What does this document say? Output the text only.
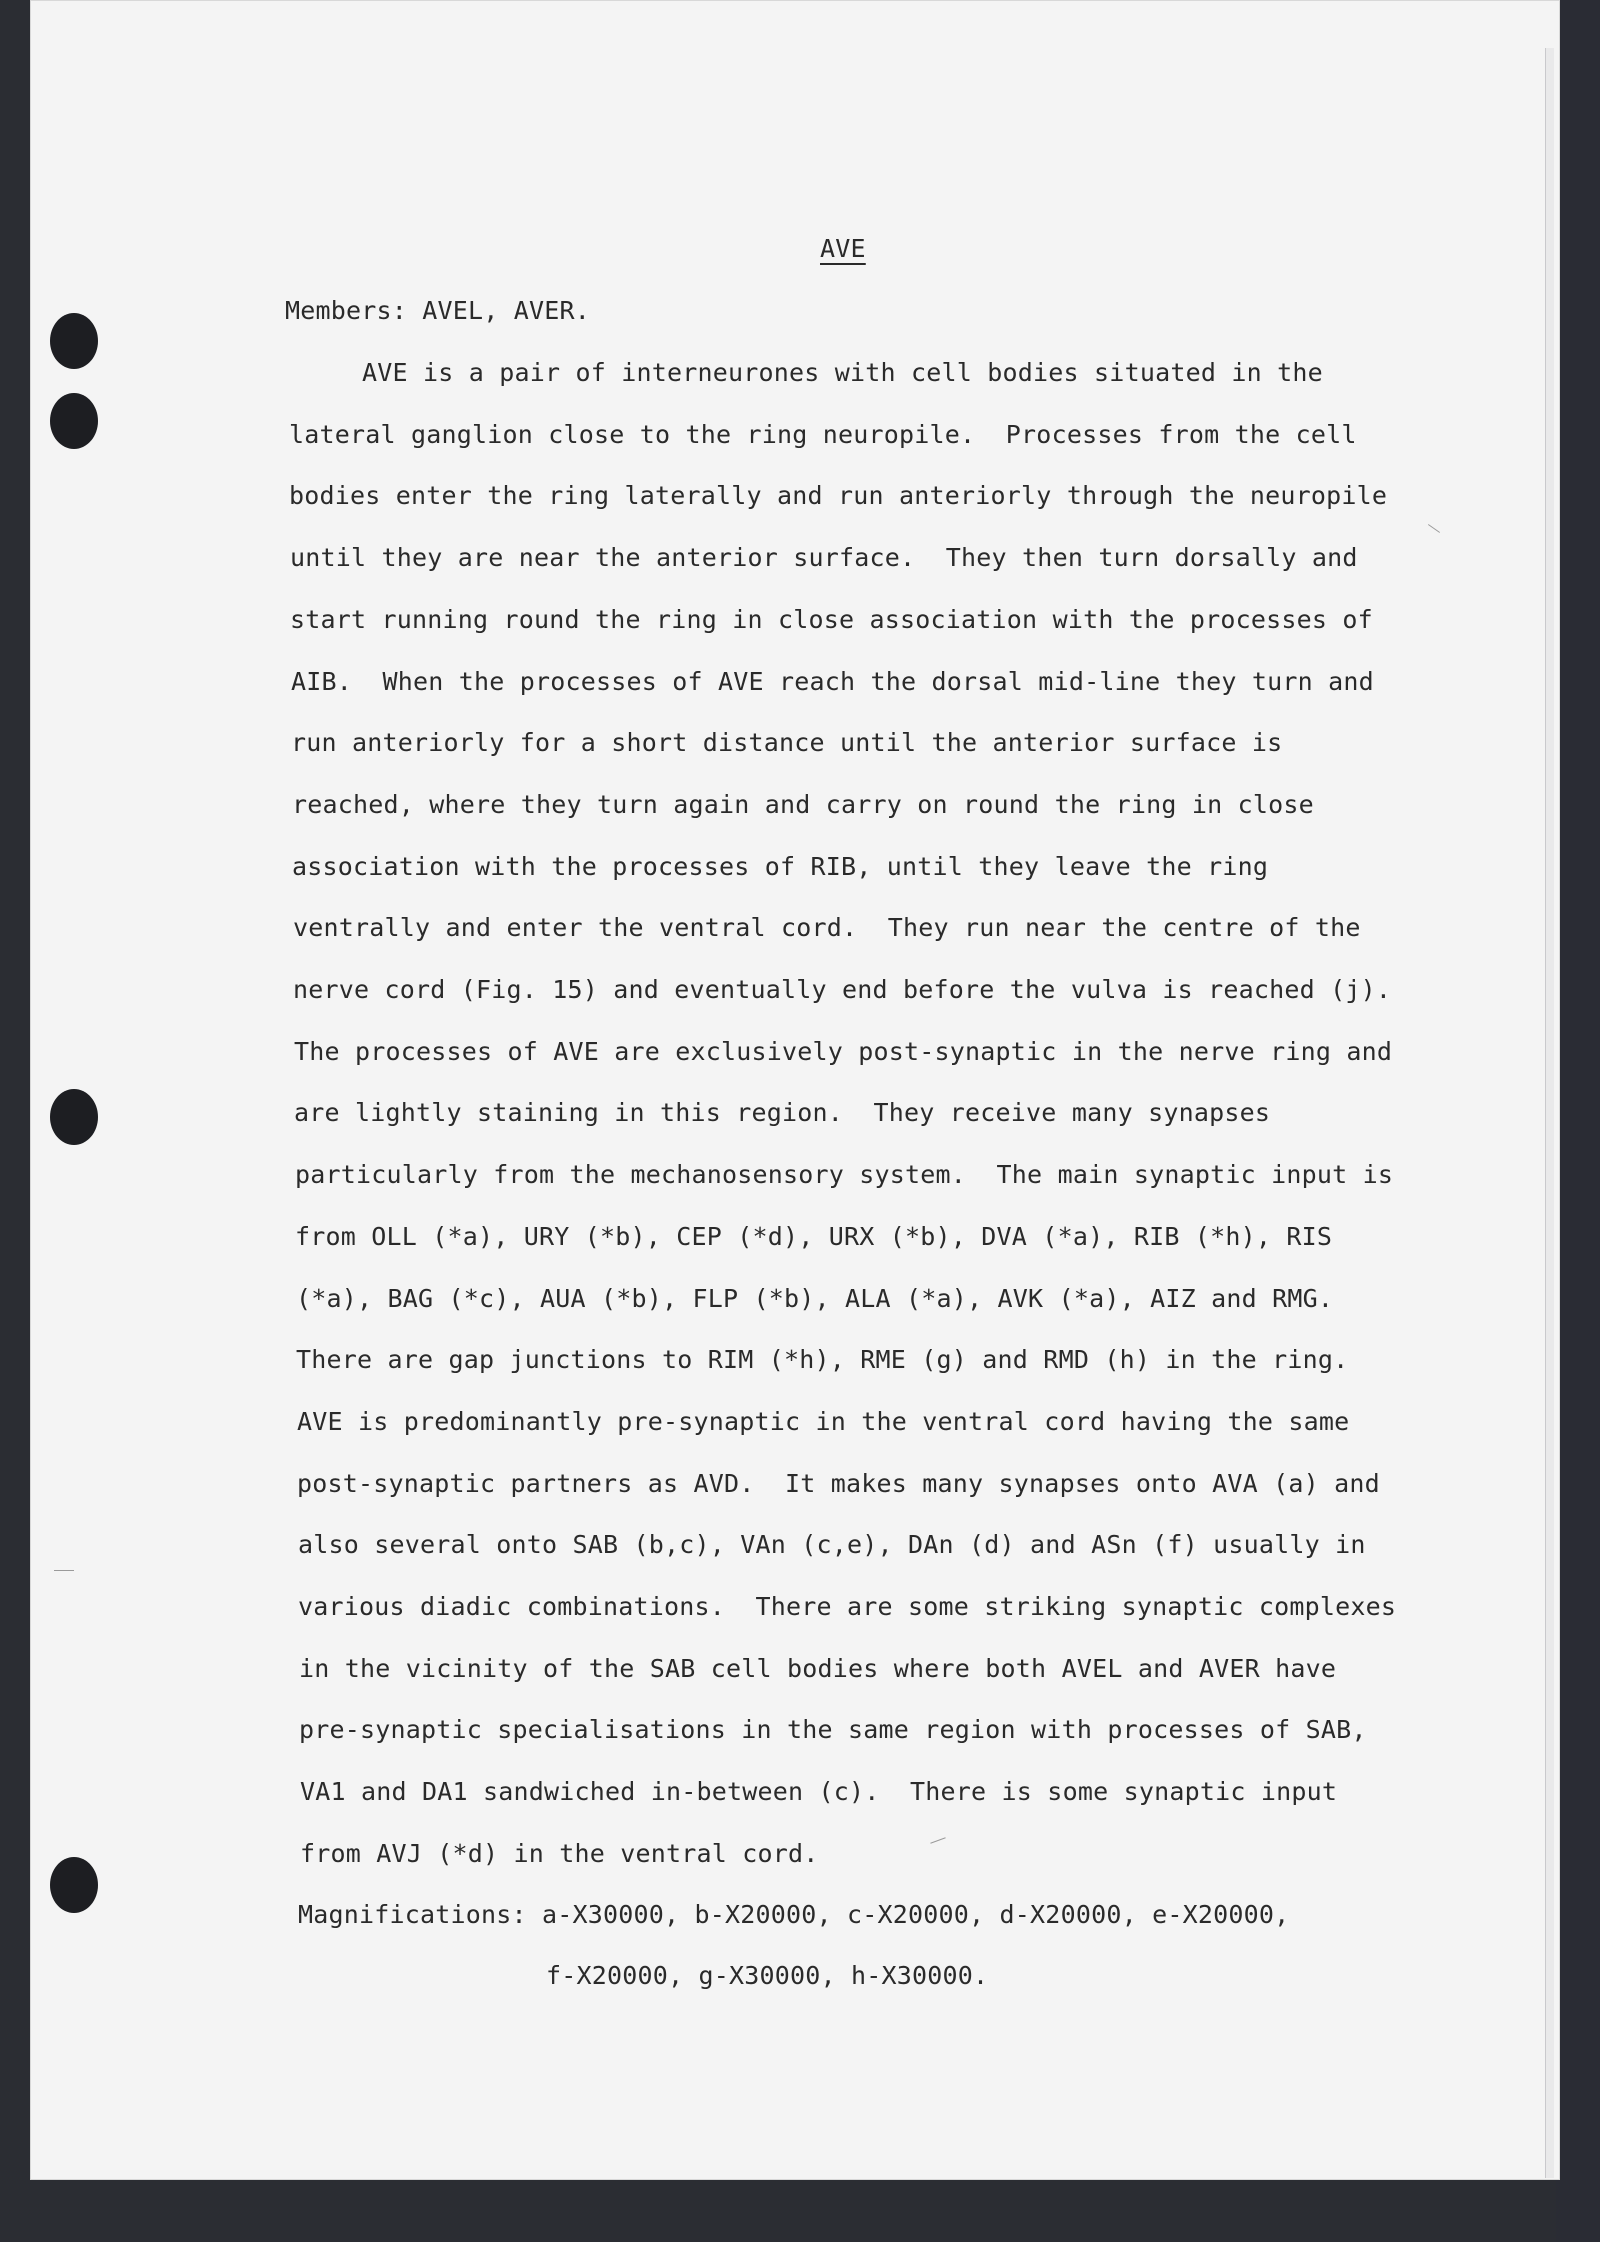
AVE
Members: AVEL, AVER.
AVE is a pair of interneurones with cell bodies situated in the
lateral ganglion close to the ring neuropile.  Processes from the cell
bodies enter the ring laterally and run anteriorly through the neuropile
until they are near the anterior surface.  They then turn dorsally and
start running round the ring in close association with the processes of
AIB.  When the processes of AVE reach the dorsal mid-line they turn and
run anteriorly for a short distance until the anterior surface is
reached, where they turn again and carry on round the ring in close
association with the processes of RIB, until they leave the ring
ventrally and enter the ventral cord.  They run near the centre of the
nerve cord (Fig. 15) and eventually end before the vulva is reached (j).
The processes of AVE are exclusively post-synaptic in the nerve ring and
are lightly staining in this region.  They receive many synapses
particularly from the mechanosensory system.  The main synaptic input is
from OLL (*a), URY (*b), CEP (*d), URX (*b), DVA (*a), RIB (*h), RIS
(*a), BAG (*c), AUA (*b), FLP (*b), ALA (*a), AVK (*a), AIZ and RMG.
There are gap junctions to RIM (*h), RME (g) and RMD (h) in the ring.
AVE is predominantly pre-synaptic in the ventral cord having the same
post-synaptic partners as AVD.  It makes many synapses onto AVA (a) and
also several onto SAB (b,c), VAn (c,e), DAn (d) and ASn (f) usually in
various diadic combinations.  There are some striking synaptic complexes
in the vicinity of the SAB cell bodies where both AVEL and AVER have
pre-synaptic specialisations in the same region with processes of SAB,
VA1 and DA1 sandwiched in-between (c).  There is some synaptic input
from AVJ (*d) in the ventral cord.
Magnifications: a-X30000, b-X20000, c-X20000, d-X20000, e-X20000,
f-X20000, g-X30000, h-X30000.
